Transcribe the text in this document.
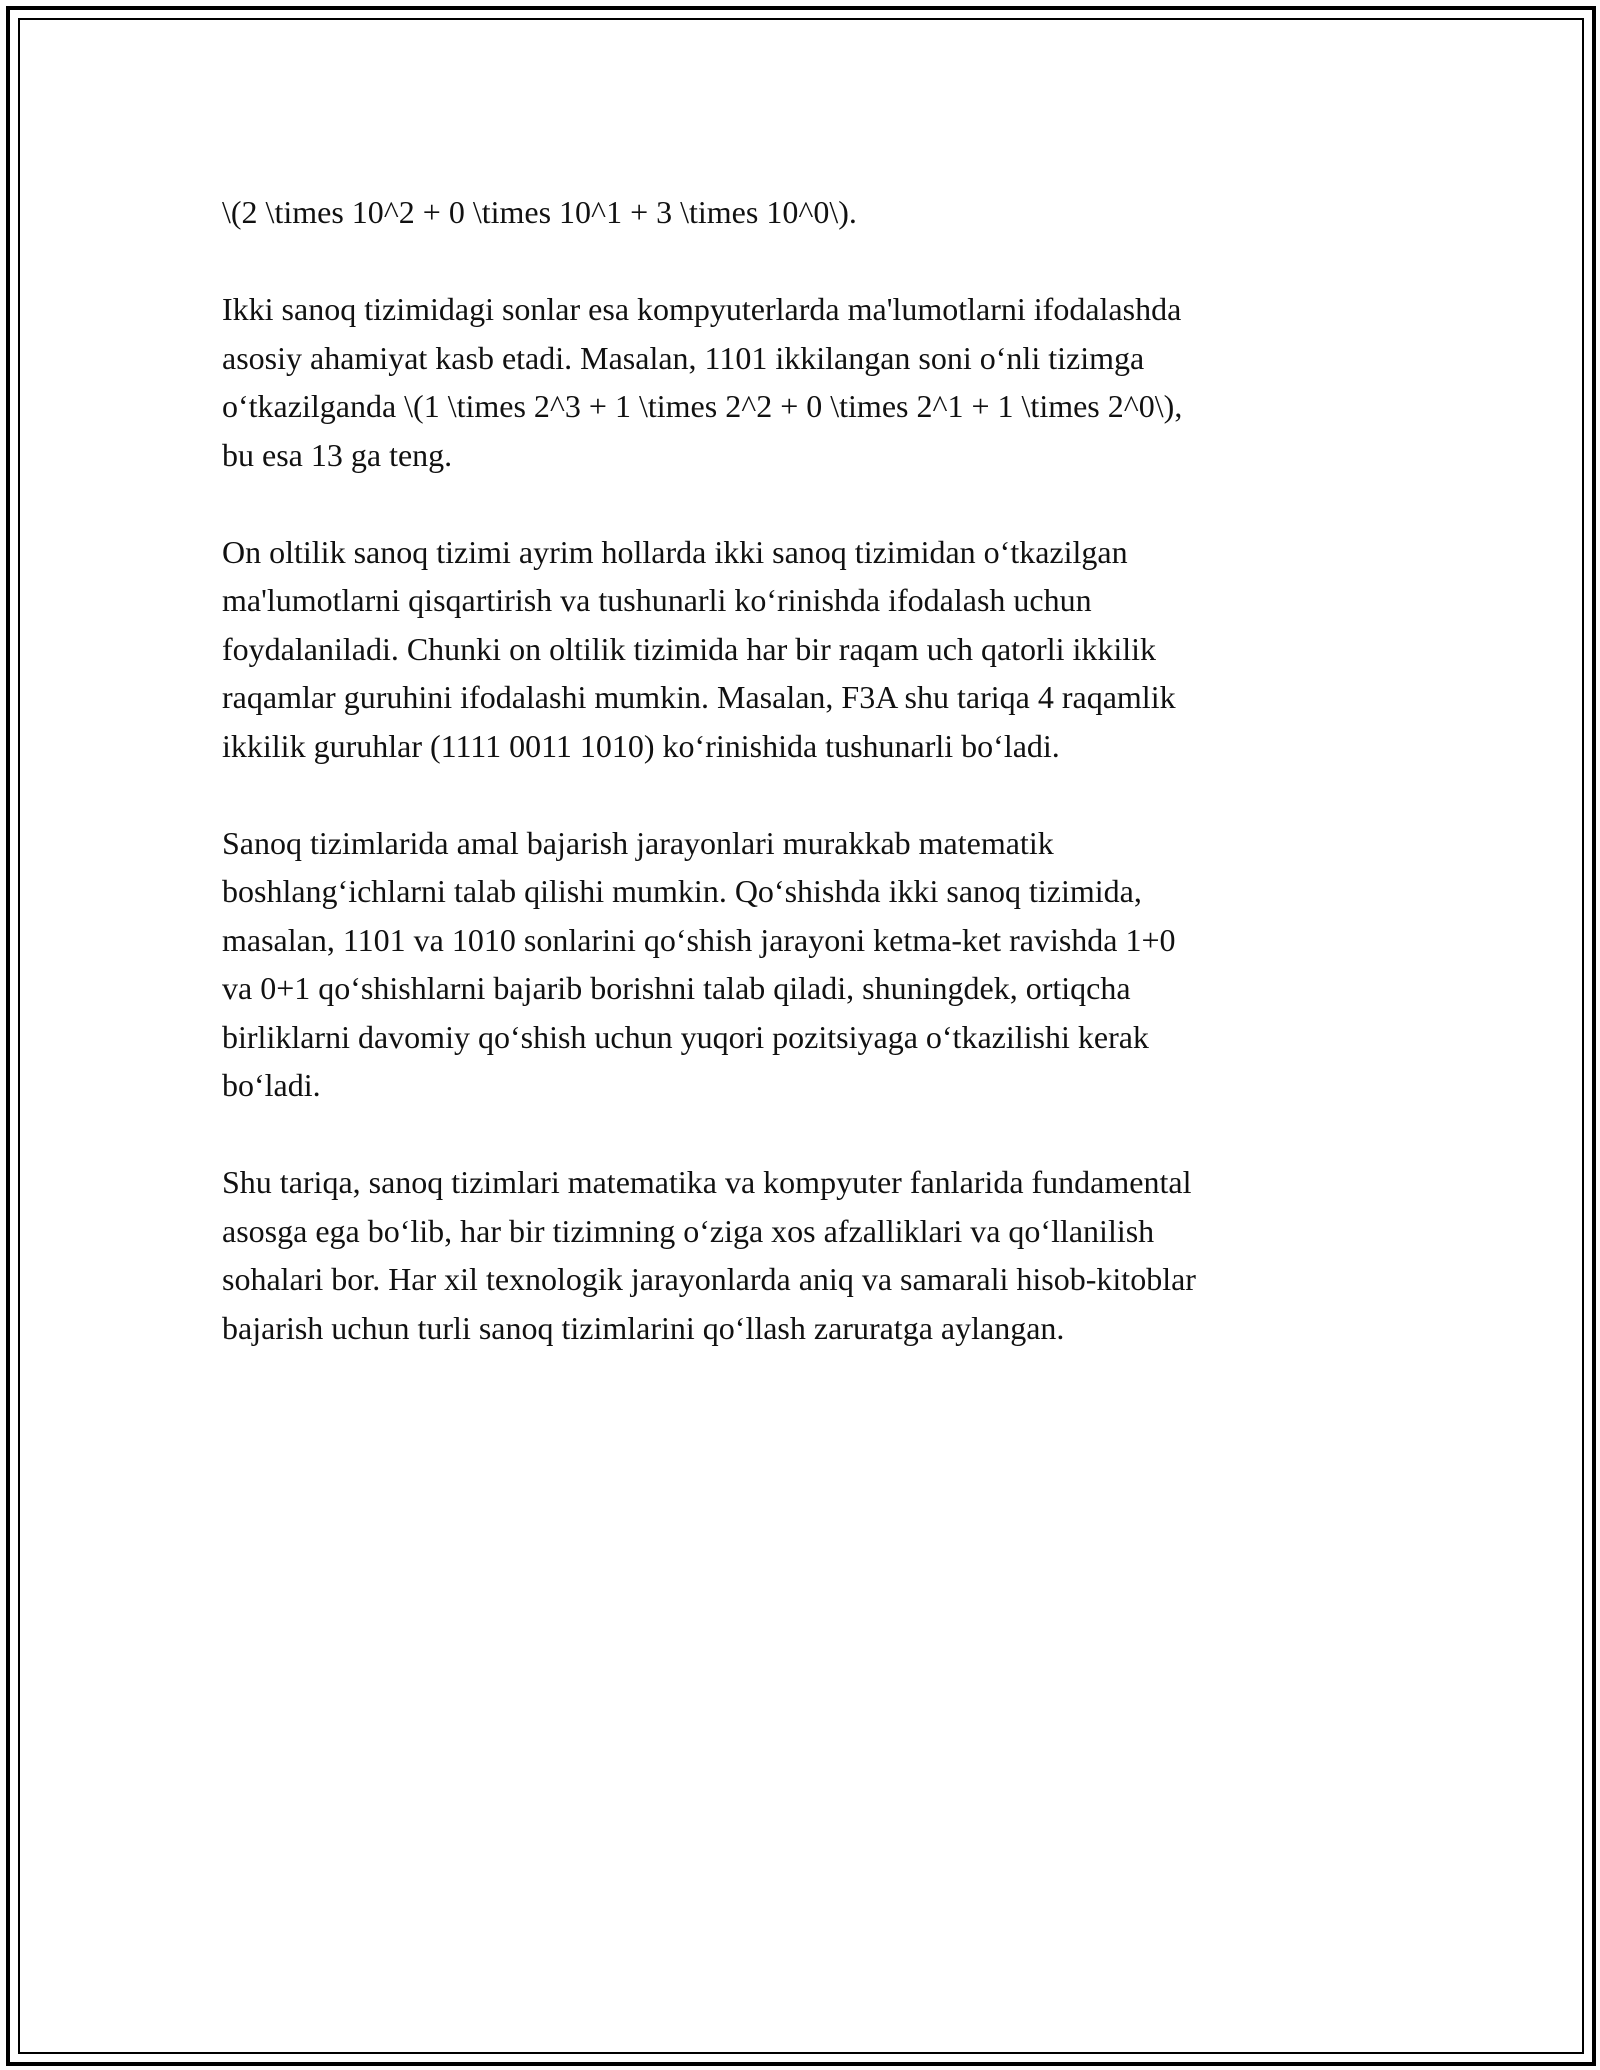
\(2 \times 10^2 + 0 \times 10^1 + 3 \times 10^0\).
Ikki sanoq tizimidagi sonlar esa kompyuterlarda ma'lumotlarni ifodalashda
asosiy ahamiyat kasb etadi. Masalan, 1101 ikkilangan soni o‘nli tizimga
o‘tkazilganda \(1 \times 2^3 + 1 \times 2^2 + 0 \times 2^1 + 1 \times 2^0\),
bu esa 13 ga teng.
On oltilik sanoq tizimi ayrim hollarda ikki sanoq tizimidan o‘tkazilgan
ma'lumotlarni qisqartirish va tushunarli ko‘rinishda ifodalash uchun
foydalaniladi. Chunki on oltilik tizimida har bir raqam uch qatorli ikkilik
raqamlar guruhini ifodalashi mumkin. Masalan, F3A shu tariqa 4 raqamlik
ikkilik guruhlar (1111 0011 1010) ko‘rinishida tushunarli bo‘ladi.
Sanoq tizimlarida amal bajarish jarayonlari murakkab matematik
boshlang‘ichlarni talab qilishi mumkin. Qo‘shishda ikki sanoq tizimida,
masalan, 1101 va 1010 sonlarini qo‘shish jarayoni ketma-ket ravishda 1+0
va 0+1 qo‘shishlarni bajarib borishni talab qiladi, shuningdek, ortiqcha
birliklarni davomiy qo‘shish uchun yuqori pozitsiyaga o‘tkazilishi kerak
bo‘ladi.
Shu tariqa, sanoq tizimlari matematika va kompyuter fanlarida fundamental
asosga ega bo‘lib, har bir tizimning o‘ziga xos afzalliklari va qo‘llanilish
sohalari bor. Har xil texnologik jarayonlarda aniq va samarali hisob-kitoblar
bajarish uchun turli sanoq tizimlarini qo‘llash zaruratga aylangan.
